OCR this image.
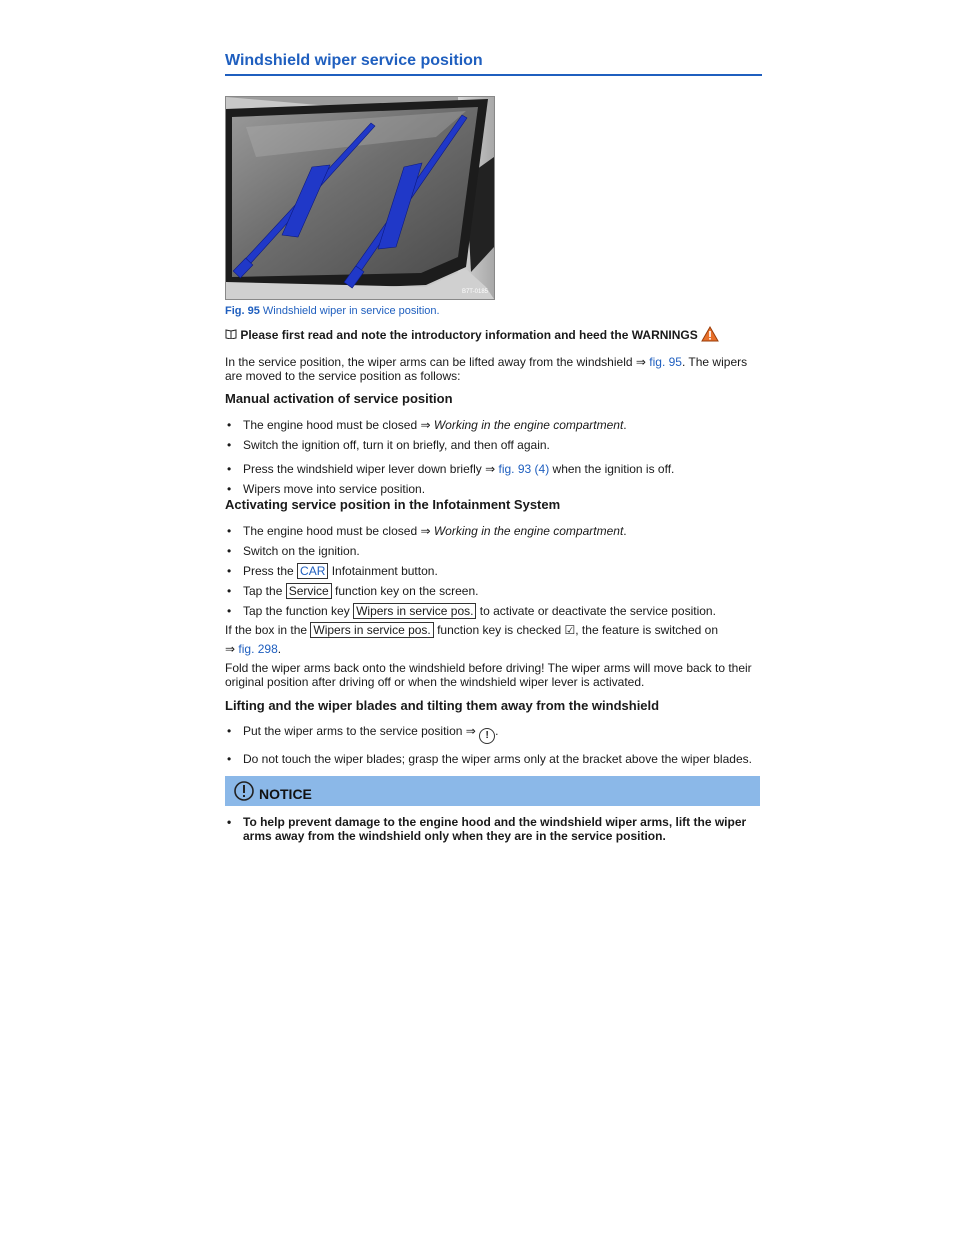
Windshield wiper service position
B7T-0185
Fig. 95 Windshield wiper in service position.
Please first read and note the introductory information and heed the WARNINGS

In the service position, the wiper arms can be lifted away from the windshield ⇒ fig. 95. The wipers are moved to the service position as follows:

Manual activation of service position
• The engine hood must be closed ⇒ Working in the engine compartment.
• Switch the ignition off, turn it on briefly, and then off again.
• Press the windshield wiper lever down briefly ⇒ fig. 93 (4) when the ignition is off.
• Wipers move into service position.
Activating service position in the Infotainment System
• The engine hood must be closed ⇒ Working in the engine compartment.
• Switch on the ignition.
• Press the CAR Infotainment button.
• Tap the Service function key on the screen.
• Tap the function key Wipers in service pos. to activate or deactivate the service position.

If the box in the Wipers in service pos. function key is checked ☑, the feature is switched on

⇒ fig. 298.

Fold the wiper arms back onto the windshield before driving! The wiper arms will move back to their original position after driving off or when the windshield wiper lever is activated.

Lifting and the wiper blades and tilting them away from the windshield
• Put the wiper arms to the service position ⇒ ! .
• Do not touch the wiper blades; grasp the wiper arms only at the bracket above the wiper blades.
NOTICE
• To help prevent damage to the engine hood and the windshield wiper arms, lift the wiper arms away from the windshield only when they are in the service position.
